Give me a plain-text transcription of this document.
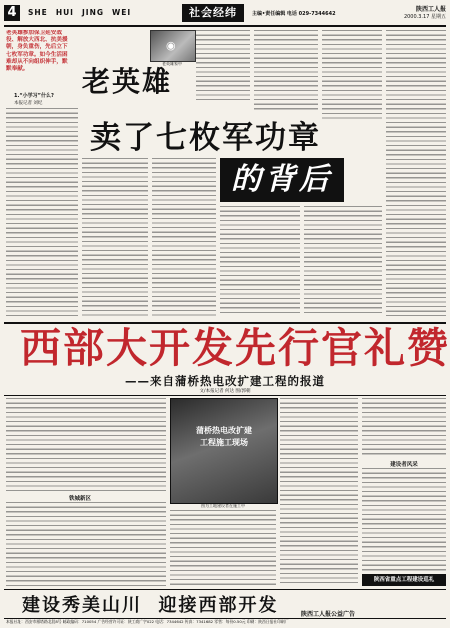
4	SHE HUI JING WEI	社会经纬	主编•责任编辑 电话 029-7344642
陕西工人报
2000.3.17 星期五
老英雄参加保卫延安战役、解放大西北、抗美援朝，身负重伤，先后立下七枚军功章。如今生活困难却从不向组织伸手，默默奉献。
1.“小学习”什么?
本报记者 刘纪
老英雄
◉
老英雄家中
卖了七枚军功章
的背后
西部大开发先行官礼赞
——来自蒲桥热电改扩建工程的报道
文/本报记者 何达 图/郭朝
铁城新区
蒲桥热电改扩建
工程施工现场
图为工地建设者在施工中
建设者风采
陕西省重点工程建设巡礼
建设秀美山川  迎接西部开发	陕西工人报公益广告
本报社址：西安市雁塔路北段8号 邮政编码：710054 广告经营许可证：陕工商广字022 电话：7344642 传真：7341682 零售：每份0.50元 印刷：陕西日报社印刷厂
